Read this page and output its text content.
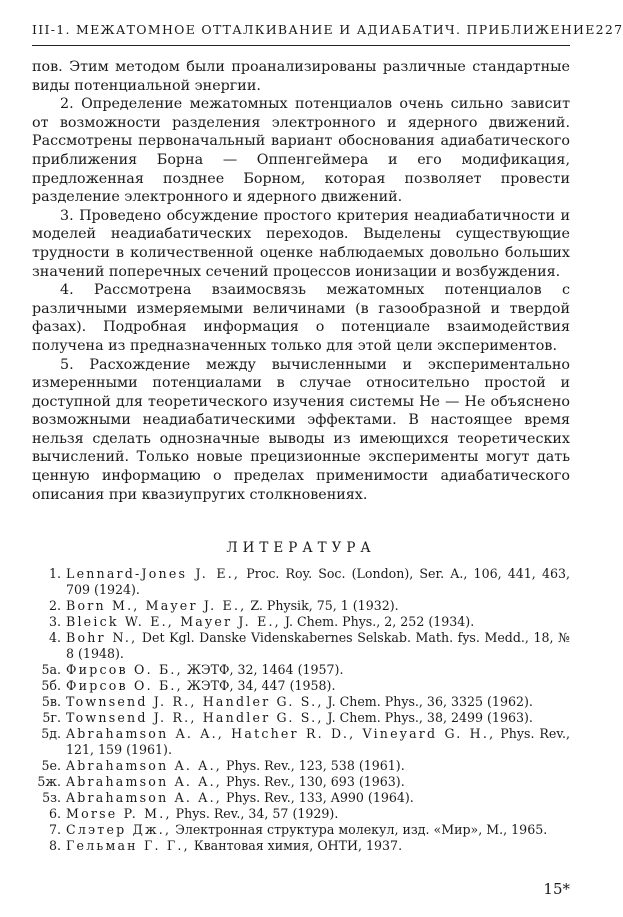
III-1. МЕЖАТОМНОЕ ОТТАЛКИВАНИЕ И АДИАБАТИЧ. ПРИБЛИЖЕНИЕ 227

пов. Этим методом были проанализированы различные стандартные виды потенциальной энергии.

2. Определение межатомных потенциалов очень сильно зависит от возможности разделения электронного и ядерного движений. Рассмотрены первоначальный вариант обоснования адиабатического приближения Борна — Оппенгеймера и его модификация, предложенная позднее Борном, которая позволяет провести разделение электронного и ядерного движений.

3. Проведено обсуждение простого критерия неадиабатичности и моделей неадиабатических переходов. Выделены существующие трудности в количественной оценке наблюдаемых довольно больших значений поперечных сечений процессов ионизации и возбуждения.

4. Рассмотрена взаимосвязь межатомных потенциалов с различными измеряемыми величинами (в газообразной и твердой фазах). Подробная информация о потенциале взаимодействия получена из предназначенных только для этой цели экспериментов.

5. Расхождение между вычисленными и экспериментально измеренными потенциалами в случае относительно простой и доступной для теоретического изучения системы He — He объяснено возможными неадиабатическими эффектами. В настоящее время нельзя сделать однозначные выводы из имеющихся теоретических вычислений. Только новые прецизионные эксперименты могут дать ценную информацию о пределах применимости адиабатического описания при квазиупругих столкновениях.

ЛИТЕРАТУРА
1. Lennard-Jones J. E., Proc. Roy. Soc. (London), Ser. A., 106, 441, 463, 709 (1924).
2. Born M., Mayer J. E., Z. Physik, 75, 1 (1932).
3. Bleick W. E., Mayer J. E., J. Chem. Phys., 2, 252 (1934).
4. Bohr N., Det Kgl. Danske Videnskabernes Selskab. Math. fys. Medd., 18, № 8 (1948).
5а. Фирсов О. Б., ЖЭТФ, 32, 1464 (1957).
5б. Фирсов О. Б., ЖЭТФ, 34, 447 (1958).
5в. Townsend J. R., Handler G. S., J. Chem. Phys., 36, 3325 (1962).
5г. Townsend J. R., Handler G. S., J. Chem. Phys., 38, 2499 (1963).
5д. Abrahamson A. A., Hatcher R. D., Vineyard G. H., Phys. Rev., 121, 159 (1961).
5е. Abrahamson A. A., Phys. Rev., 123, 538 (1961).
5ж. Abrahamson A. A., Phys. Rev., 130, 693 (1963).
5з. Abrahamson A. A., Phys. Rev., 133, A990 (1964).
6. Morse P. M., Phys. Rev., 34, 57 (1929).
7. Слэтер Дж., Электронная структура молекул, изд. «Мир», М., 1965.
8. Гельман Г. Г., Квантовая химия, ОНТИ, 1937.
15*
